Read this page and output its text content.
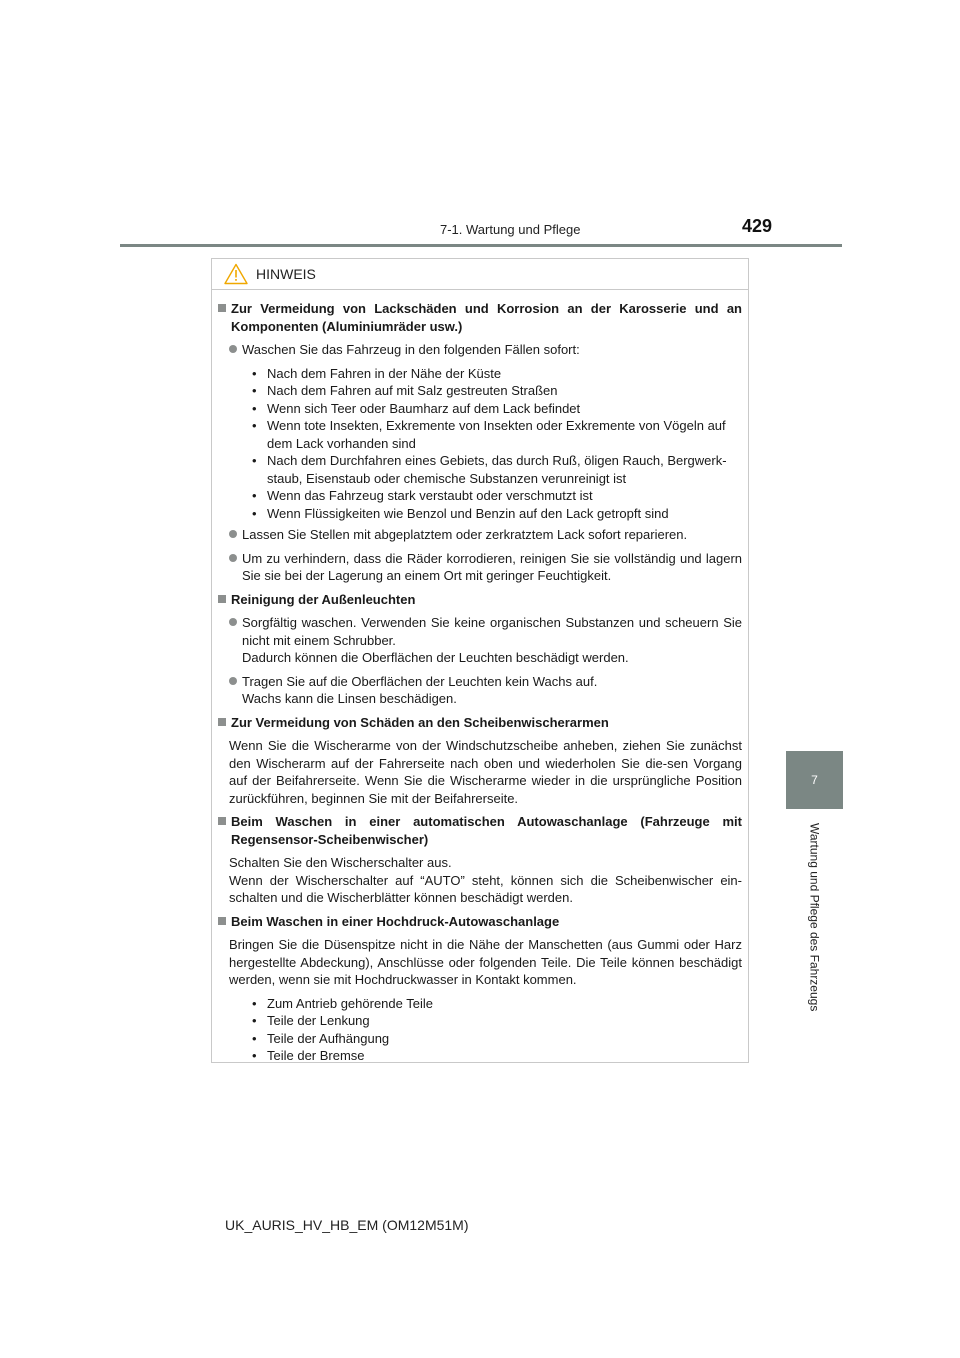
7-1. Wartung und Pflege	429
7
Wartung und Pflege des Fahrzeugs
HINWEIS
Zur Vermeidung von Lackschäden und Korrosion an der Karosserie und an Komponenten (Aluminiumräder usw.)
Waschen Sie das Fahrzeug in den folgenden Fällen sofort:
• Nach dem Fahren in der Nähe der Küste
• Nach dem Fahren auf mit Salz gestreuten Straßen
• Wenn sich Teer oder Baumharz auf dem Lack befindet
• Wenn tote Insekten, Exkremente von Insekten oder Exkremente von Vögeln auf dem Lack vorhanden sind
• Nach dem Durchfahren eines Gebiets, das durch Ruß, öligen Rauch, Bergwerk-staub, Eisenstaub oder chemische Substanzen verunreinigt ist
• Wenn das Fahrzeug stark verstaubt oder verschmutzt ist
• Wenn Flüssigkeiten wie Benzol und Benzin auf den Lack getropft sind
Lassen Sie Stellen mit abgeplatztem oder zerkratztem Lack sofort reparieren.
Um zu verhindern, dass die Räder korrodieren, reinigen Sie sie vollständig und lagern Sie sie bei der Lagerung an einem Ort mit geringer Feuchtigkeit.
Reinigung der Außenleuchten
Sorgfältig waschen. Verwenden Sie keine organischen Substanzen und scheuern Sie nicht mit einem Schrubber.
Dadurch können die Oberflächen der Leuchten beschädigt werden.
Tragen Sie auf die Oberflächen der Leuchten kein Wachs auf.
Wachs kann die Linsen beschädigen.
Zur Vermeidung von Schäden an den Scheibenwischerarmen
Wenn Sie die Wischerarme von der Windschutzscheibe anheben, ziehen Sie zunächst den Wischerarm auf der Fahrerseite nach oben und wiederholen Sie die-sen Vorgang auf der Beifahrerseite. Wenn Sie die Wischerarme wieder in die ursprüngliche Position zurückführen, beginnen Sie mit der Beifahrerseite.
Beim Waschen in einer automatischen Autowaschanlage (Fahrzeuge mit Regensensor-Scheibenwischer)
Schalten Sie den Wischerschalter aus.
Wenn der Wischerschalter auf “AUTO” steht, können sich die Scheibenwischer ein-schalten und die Wischerblätter können beschädigt werden.
Beim Waschen in einer Hochdruck-Autowaschanlage
Bringen Sie die Düsenspitze nicht in die Nähe der Manschetten (aus Gummi oder Harz hergestellte Abdeckung), Anschlüsse oder folgenden Teile. Die Teile können beschädigt werden, wenn sie mit Hochdruckwasser in Kontakt kommen.
• Zum Antrieb gehörende Teile
• Teile der Lenkung
• Teile der Aufhängung
• Teile der Bremse
UK_AURIS_HV_HB_EM (OM12M51M)
